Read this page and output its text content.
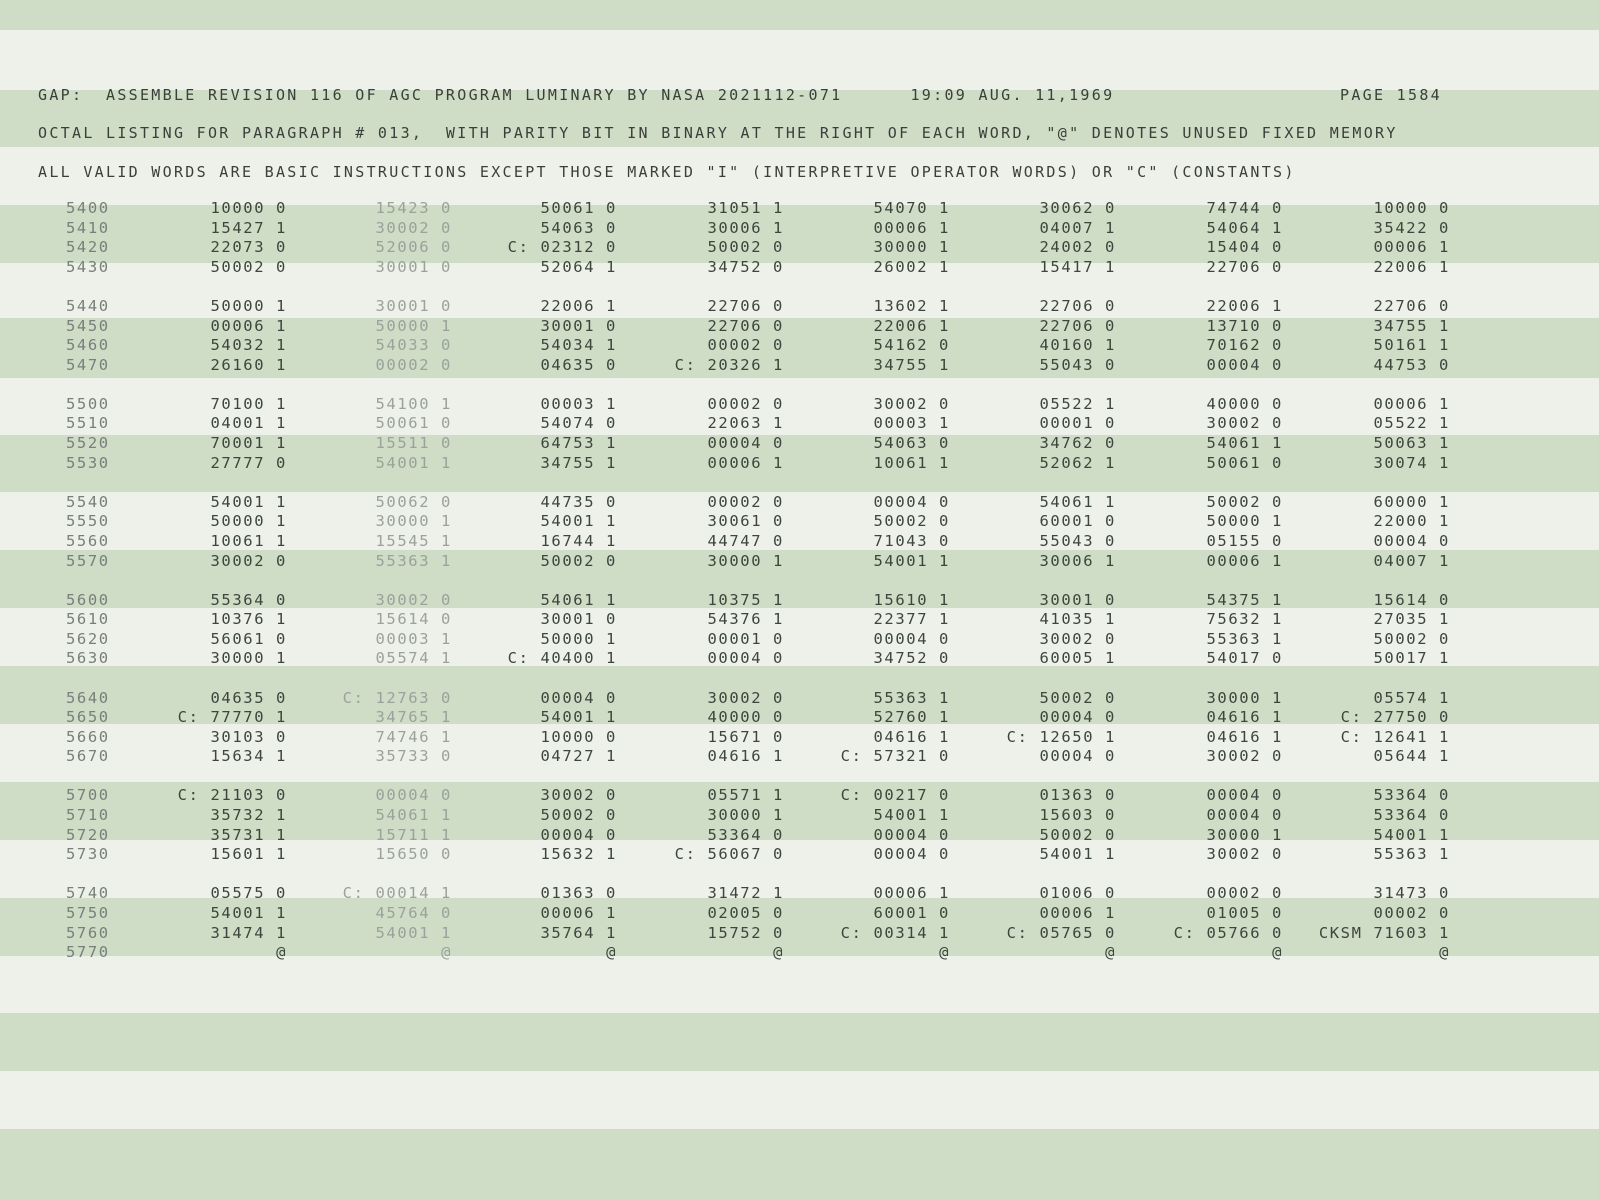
GAP:  ASSEMBLE REVISION 116 OF AGC PROGRAM LUMINARY BY NASA 2021112-071      19:09 AUG. 11,1969	PAGE 1584
OCTAL LISTING FOR PARAGRAPH # 013,  WITH PARITY BIT IN BINARY AT THE RIGHT OF EACH WORD, "@" DENOTES UNUSED FIXED MEMORY
ALL VALID WORDS ARE BASIC INSTRUCTIONS EXCEPT THOSE MARKED "I" (INTERPRETIVE OPERATOR WORDS) OR "C" (CONSTANTS)
5400	10000 0	15423 0	50061 0	31051 1	54070 1	30062 0	74744 0	10000 0
5410	15427 1	30002 0	54063 0	30006 1	00006 1	04007 1	54064 1	35422 0
5420	22073 0	52006 0	C: 02312 0	50002 0	30000 1	24002 0	15404 0	00006 1
5430	50002 0	30001 0	52064 1	34752 0	26002 1	15417 1	22706 0	22006 1
5440	50000 1	30001 0	22006 1	22706 0	13602 1	22706 0	22006 1	22706 0
5450	00006 1	50000 1	30001 0	22706 0	22006 1	22706 0	13710 0	34755 1
5460	54032 1	54033 0	54034 1	00002 0	54162 0	40160 1	70162 0	50161 1
5470	26160 1	00002 0	04635 0	C: 20326 1	34755 1	55043 0	00004 0	44753 0
5500	70100 1	54100 1	00003 1	00002 0	30002 0	05522 1	40000 0	00006 1
5510	04001 1	50061 0	54074 0	22063 1	00003 1	00001 0	30002 0	05522 1
5520	70001 1	15511 0	64753 1	00004 0	54063 0	34762 0	54061 1	50063 1
5530	27777 0	54001 1	34755 1	00006 1	10061 1	52062 1	50061 0	30074 1
5540	54001 1	50062 0	44735 0	00002 0	00004 0	54061 1	50002 0	60000 1
5550	50000 1	30000 1	54001 1	30061 0	50002 0	60001 0	50000 1	22000 1
5560	10061 1	15545 1	16744 1	44747 0	71043 0	55043 0	05155 0	00004 0
5570	30002 0	55363 1	50002 0	30000 1	54001 1	30006 1	00006 1	04007 1
5600	55364 0	30002 0	54061 1	10375 1	15610 1	30001 0	54375 1	15614 0
5610	10376 1	15614 0	30001 0	54376 1	22377 1	41035 1	75632 1	27035 1
5620	56061 0	00003 1	50000 1	00001 0	00004 0	30002 0	55363 1	50002 0
5630	30000 1	05574 1	C: 40400 1	00004 0	34752 0	60005 1	54017 0	50017 1
5640	04635 0	C: 12763 0	00004 0	30002 0	55363 1	50002 0	30000 1	05574 1
5650	C: 77770 1	34765 1	54001 1	40000 0	52760 1	00004 0	04616 1	C: 27750 0
5660	30103 0	74746 1	10000 0	15671 0	04616 1	C: 12650 1	04616 1	C: 12641 1
5670	15634 1	35733 0	04727 1	04616 1	C: 57321 0	00004 0	30002 0	05644 1
5700	C: 21103 0	00004 0	30002 0	05571 1	C: 00217 0	01363 0	00004 0	53364 0
5710	35732 1	54061 1	50002 0	30000 1	54001 1	15603 0	00004 0	53364 0
5720	35731 1	15711 1	00004 0	53364 0	00004 0	50002 0	30000 1	54001 1
5730	15601 1	15650 0	15632 1	C: 56067 0	00004 0	54001 1	30002 0	55363 1
5740	05575 0	C: 00014 1	01363 0	31472 1	00006 1	01006 0	00002 0	31473 0
5750	54001 1	45764 0	00006 1	02005 0	60001 0	00006 1	01005 0	00002 0
5760	31474 1	54001 1	35764 1	15752 0	C: 00314 1	C: 05765 0	C: 05766 0	CKSM 71603 1
5770	@	@	@	@	@	@	@	@
